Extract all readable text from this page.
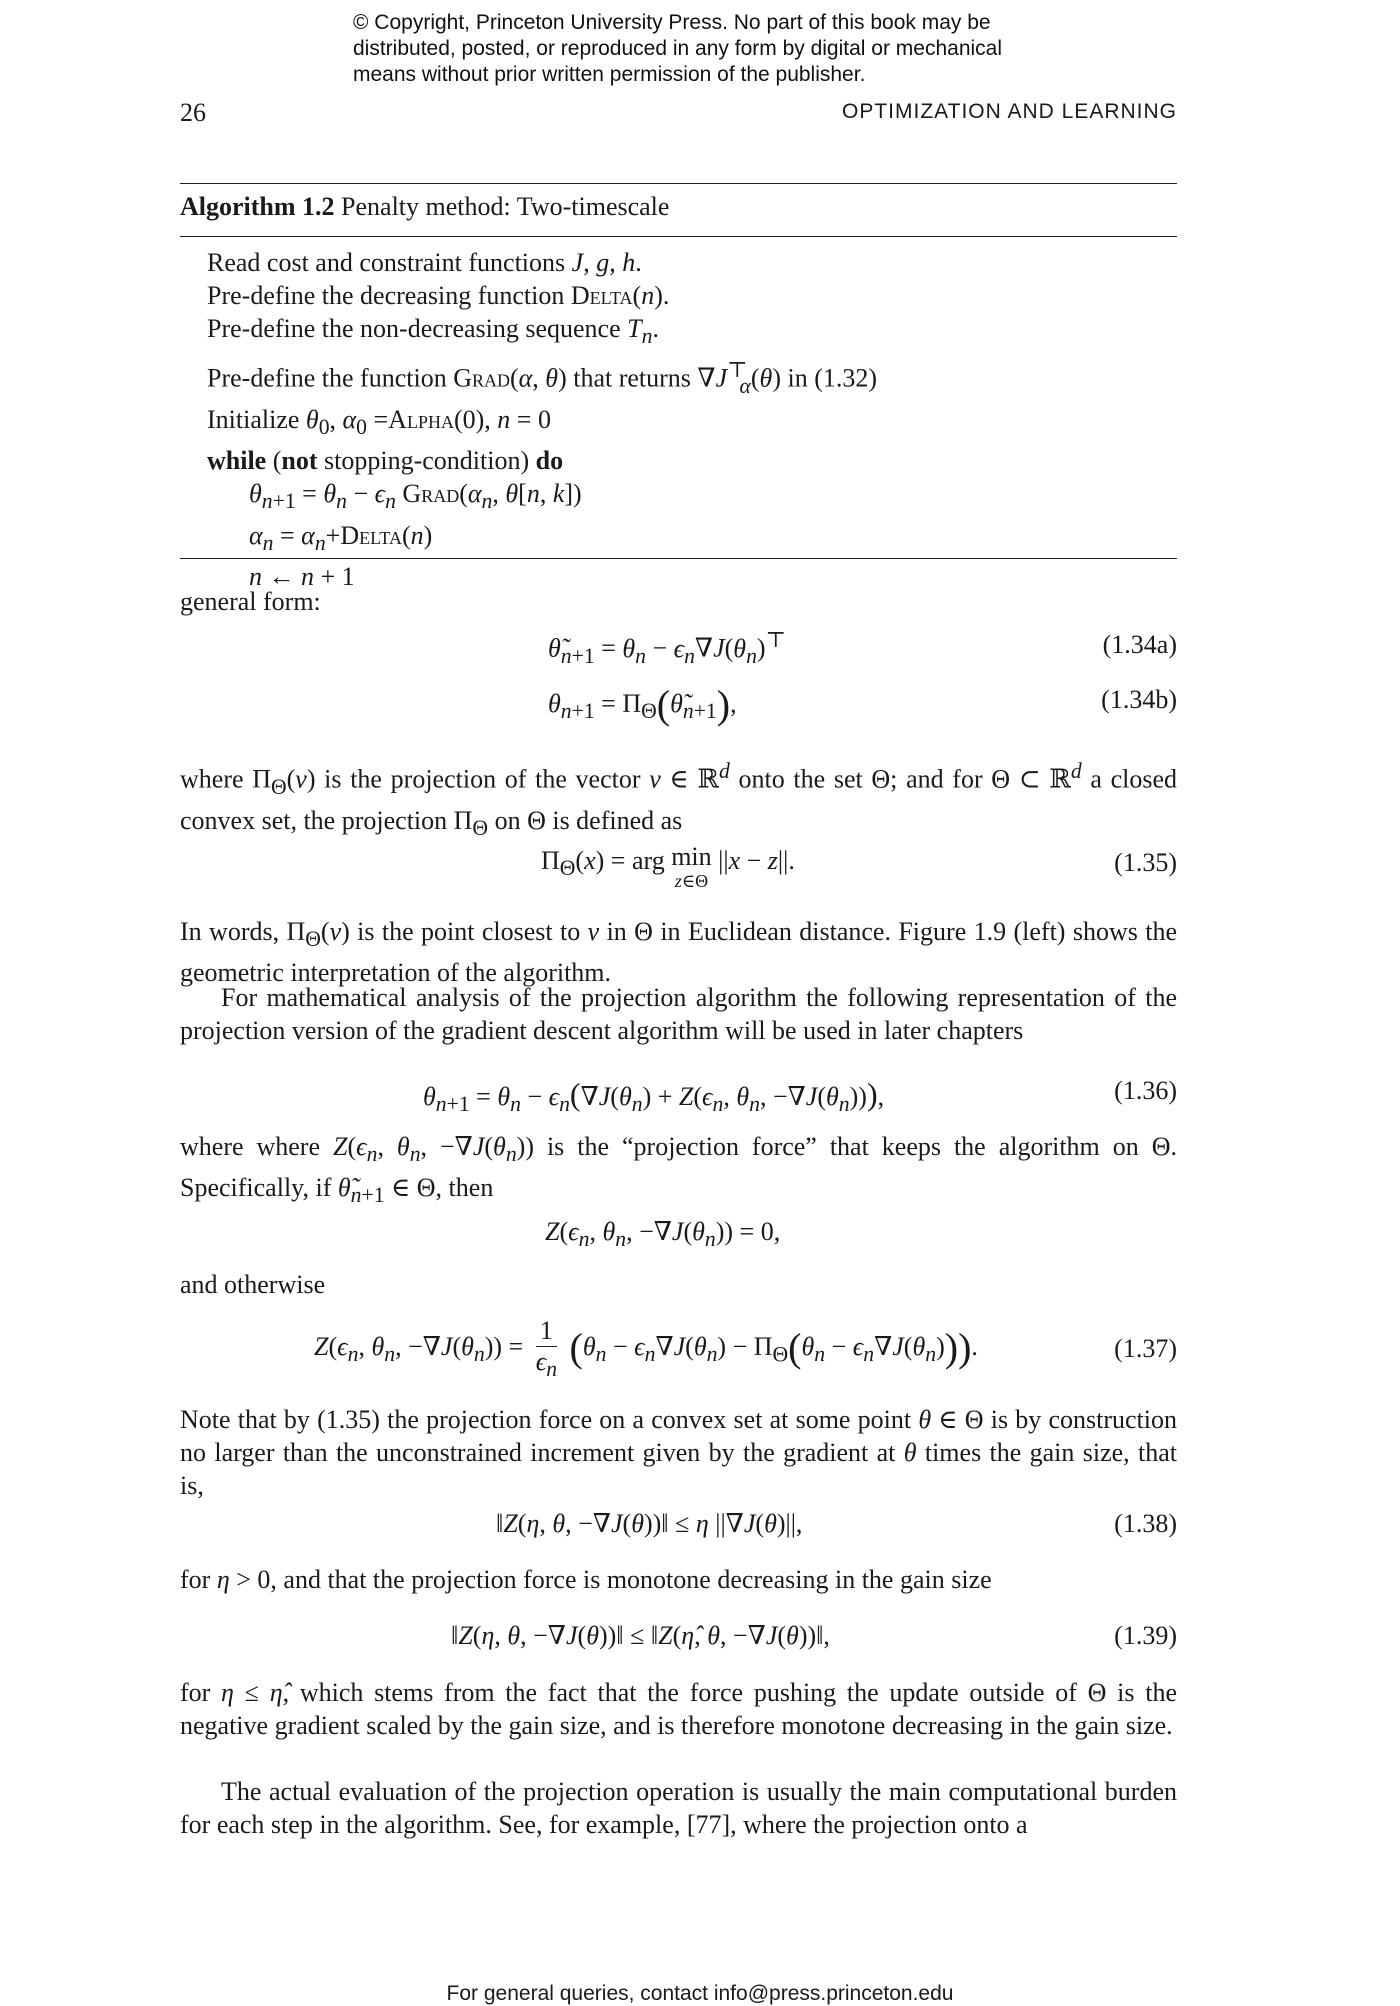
© Copyright, Princeton University Press. No part of this book may be
distributed, posted, or reproduced in any form by digital or mechanical
means without prior written permission of the publisher.
26	OPTIMIZATION AND LEARNING
Algorithm 1.2 Penalty method: Two-timescale
Read cost and constraint functions J, g, h.
Pre-define the decreasing function Delta(n).
Pre-define the non-decreasing sequence $T_n$.
Pre-define the function Grad(α, θ) that returns $\nabla J^⊤_\alpha(\theta)$ in (1.32)
Initialize $\theta_0$, $\alpha_0$ =Alpha(0), n = 0
while (not stopping-condition) do
$\theta_{n+1} = \theta_n - \epsilon_n$ $Grad(\alpha_n$, θ[n, k])
$\alpha_n$ = $\alpha_n+Delta(n)$
n ← n + 1
general form:
$\thetã_{n+1} = \theta_n - \epsilon_n\nabla J(\theta_n)^⊤$	(1.34a)
$\theta_{n+1}$ = $\Pi_\Theta(\thetã_{n+1})$,	(1.34b)
where $\Pi_\Theta(v)$ is the projection of the vector v ∈ ℝ$^d$ onto the set Θ; and for Θ ⊂ ℝ$^d$ a closed convex set, the projection $\Pi_\Theta$ on Θ is defined as
$\Pi_\Theta(x)$ = arg min
z∈Θ ||x − z||.	(1.35)
In words, $\Pi_\Theta(v)$ is the point closest to v in Θ in Euclidean distance. Figure 1.9 (left) shows the geometric interpretation of the algorithm.
For mathematical analysis of the projection algorithm the following representation of the projection version of the gradient descent algorithm will be used in later chapters
$\theta_{n+1} = \theta_n - \epsilon_n(\nabla J(\theta_n) + Z(\epsilon_n$, $\theta_n$, $-\nabla J(\theta_n)$)),	(1.36)
where where $Z(\epsilon_n$, $\theta_n$, $-\nabla J(\theta_n)$) is the “projection force” that keeps the algorithm on Θ. Specifically, if $\thetã_{n+1}$ ∈ Θ, then
$Z(\epsilon_n$, $\theta_n$, $-\nabla J(\theta_n)) = 0$,
and otherwise
$Z(\epsilon_n$, $\theta_n$, $-\nabla J(\theta_n)) = \frac{1}{\epsilon_n} (\theta_n - \epsilon_n\nabla J(\theta_n) - \Pi_\Theta(\theta_n - \epsilon_n\nabla J(\theta_n)))$.	(1.37)
Note that by (1.35) the projection force on a convex set at some point θ ∈ Θ is by construction no larger than the unconstrained increment given by the gradient at θ times the gain size, that is,
‖Z(η, θ, −∇J(θ))‖ ≤ η ||∇J(θ)||,	(1.38)
for η > 0, and that the projection force is monotone decreasing in the gain size
‖Z(η, θ, −∇J(θ))‖ ≤ ‖Z(η̂, θ, −∇J(θ))‖,	(1.39)
for η ≤ η̂, which stems from the fact that the force pushing the update outside of Θ is the negative gradient scaled by the gain size, and is therefore monotone decreasing in the gain size.
The actual evaluation of the projection operation is usually the main computational burden for each step in the algorithm. See, for example, [77], where the projection onto a
For general queries, contact info@press.princeton.edu
